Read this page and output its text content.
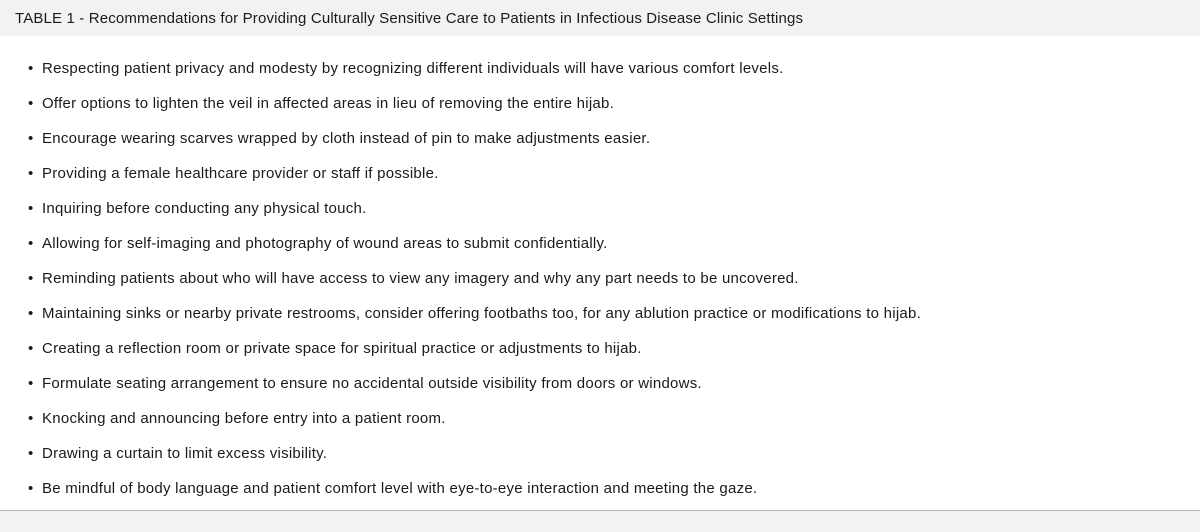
TABLE 1 - Recommendations for Providing Culturally Sensitive Care to Patients in Infectious Disease Clinic Settings
• Respecting patient privacy and modesty by recognizing different individuals will have various comfort levels.
• Offer options to lighten the veil in affected areas in lieu of removing the entire hijab.
• Encourage wearing scarves wrapped by cloth instead of pin to make adjustments easier.
• Providing a female healthcare provider or staff if possible.
• Inquiring before conducting any physical touch.
• Allowing for self-imaging and photography of wound areas to submit confidentially.
• Reminding patients about who will have access to view any imagery and why any part needs to be uncovered.
• Maintaining sinks or nearby private restrooms, consider offering footbaths too, for any ablution practice or modifications to hijab.
• Creating a reflection room or private space for spiritual practice or adjustments to hijab.
• Formulate seating arrangement to ensure no accidental outside visibility from doors or windows.
• Knocking and announcing before entry into a patient room.
• Drawing a curtain to limit excess visibility.
• Be mindful of body language and patient comfort level with eye-to-eye interaction and meeting the gaze.
